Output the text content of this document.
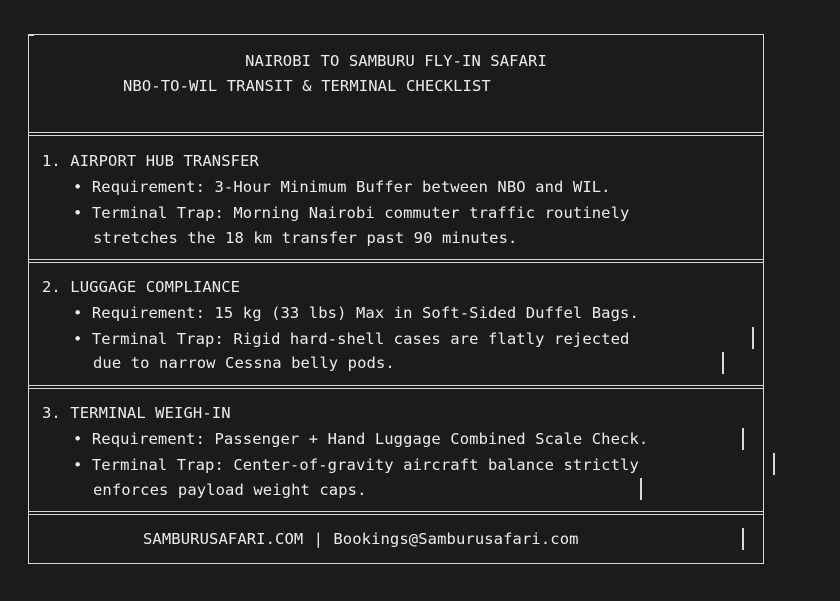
NAIROBI TO SAMBURU FLY-IN SAFARI
NBO-TO-WIL TRANSIT & TERMINAL CHECKLIST
1. AIRPORT HUB TRANSFER
• Requirement: 3-Hour Minimum Buffer between NBO and WIL.
• Terminal Trap: Morning Nairobi commuter traffic routinely
stretches the 18 km transfer past 90 minutes.
2. LUGGAGE COMPLIANCE
• Requirement: 15 kg (33 lbs) Max in Soft-Sided Duffel Bags.
• Terminal Trap: Rigid hard-shell cases are flatly rejected
due to narrow Cessna belly pods.
3. TERMINAL WEIGH-IN
• Requirement: Passenger + Hand Luggage Combined Scale Check.
• Terminal Trap: Center-of-gravity aircraft balance strictly
enforces payload weight caps.
SAMBURUSAFARI.COM | Bookings@Samburusafari.com
